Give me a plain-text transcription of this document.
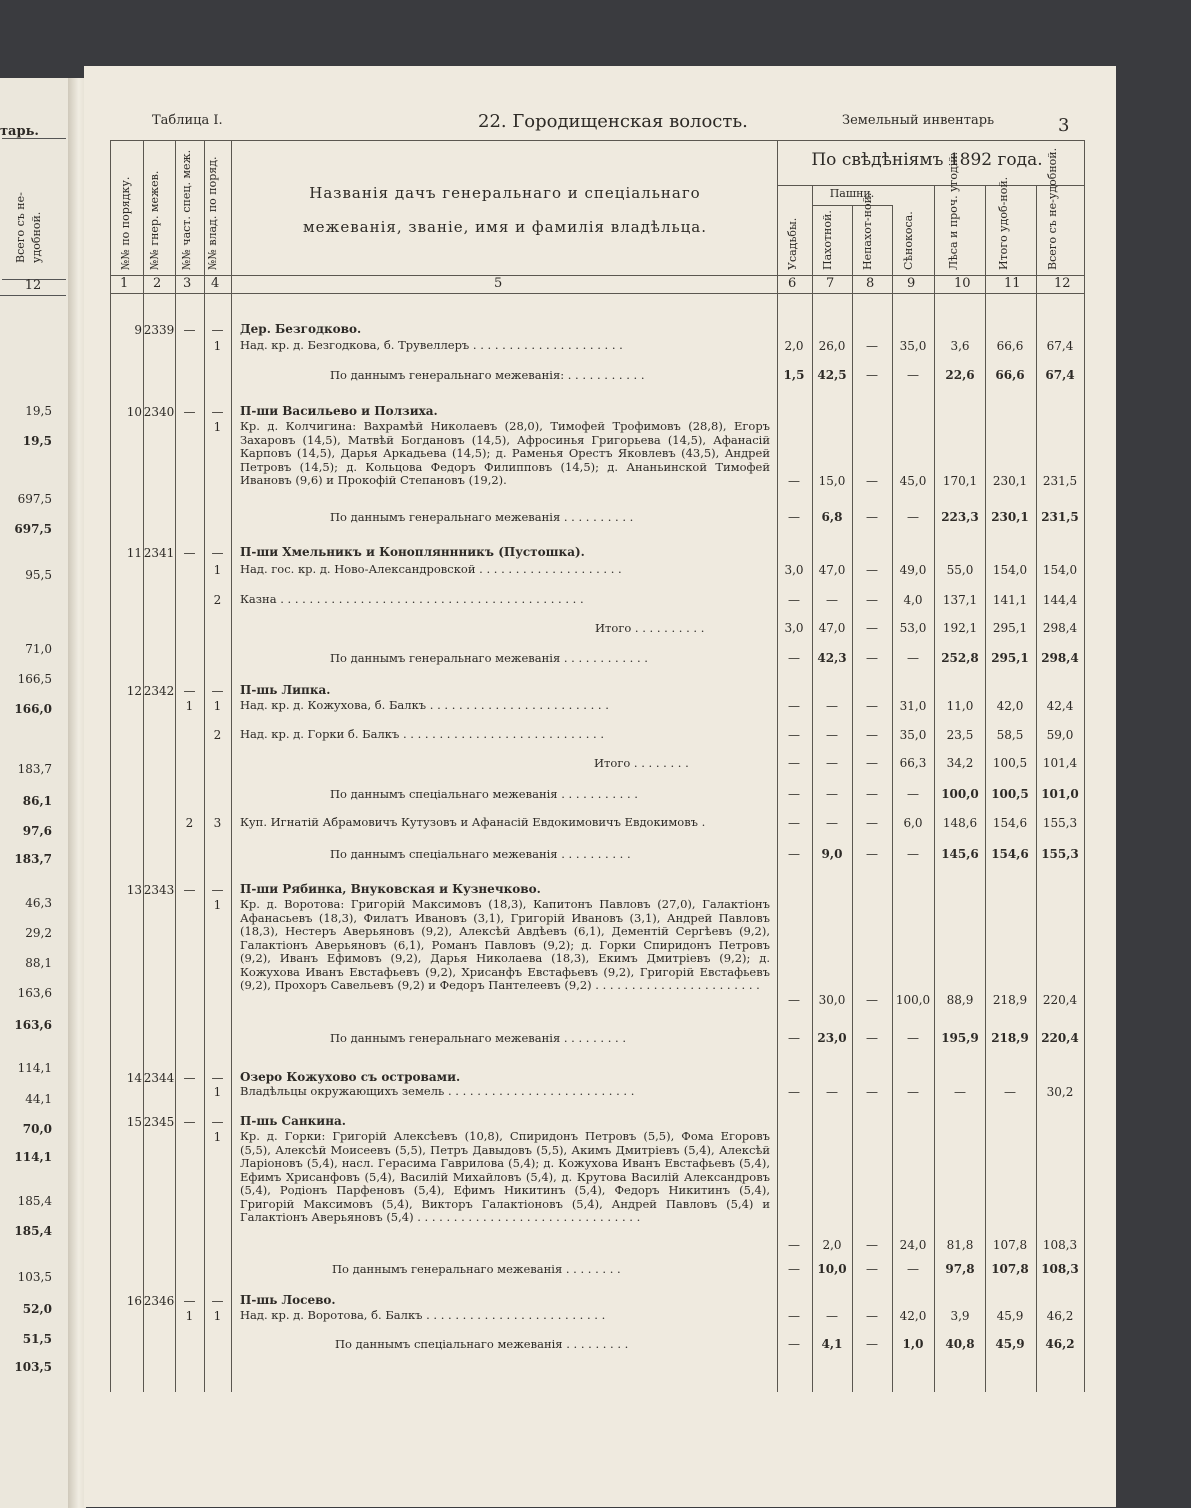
тарь.
Всего съ не- удобной.
12
19,5
19,5
697,5
697,5
95,5
71,0
166,5
166,0
183,7
86,1
97,6
183,7
46,3
29,2
88,1
163,6
163,6
114,1
44,1
70,0
114,1
185,4
185,4
103,5
52,0
51,5
103,5
Таблица I.	22. Городищенская волость.	Земельный инвентарь	3
№№ по порядку. №№ гнер. межев. №№ част. спец. меж. №№ влад. по поряд.	Названія дачъ генеральнаго и спеціальнаго
межеванія, званіе, имя и фамилія владѣльца.
По свѣдѣніямъ 1892 года.
Пашни.
Усадьбы. Пахотной. Непахот-ной.	Сѣнокоса.	Лѣса и проч. угодій.	Итого удоб-ной.	Всего съ не-удобной.
1 2 3 4	5	6 7 8	9	10	11	12
9 2339 —	—	Дер. Безгодково.
Над. кр. д. Безгодкова, б. Трувеллеръ . . . . . . . . . . . . . . . . . . . . .
1	2,0	26,0	—	35,0	3,6	66,6	67,4
По даннымъ генеральнаго межеванія: . . . . . . . . . . .	1,5	42,5	—	—	22,6	66,6	67,4
10 2340 —	—	П-ши Васильево и Ползиха.
Кр. д. Колчигина: Вахрамѣй Николаевъ (28,0), Тимофей Трофимовъ (28,8), Егоръ Захаровъ (14,5), Матвѣй Богдановъ (14,5), Афросинья Григорьева (14,5), Афанасій Карповъ (14,5), Дарья Аркадьева (14,5); д. Раменья Орестъ Яковлевъ (43,5), Андрей Петровъ (14,5); д. Кольцова Федоръ Филипповъ (14,5); д. Ананьинской Тимофей Ивановъ (9,6) и Прокофій Степановъ (19,2).
1
—	15,0	—	45,0	170,1 230,1 231,5
По даннымъ генеральнаго межеванія . . . . . . . . . .	—	6,8	—	—	223,3 230,1 231,5
11 2341 —	—	П-ши Хмельникъ и Конопляннникъ (Пустошка).
Над. гос. кр. д. Ново-Александровской . . . . . . . . . . . . . . . . . . . .
1	3,0	47,0	—	49,0	55,0	154,0 154,0
Казна . . . . . . . . . . . . . . . . . . . . . . . . . . . . . . . . . . . . . . . . . .
2	—	—	—	4,0	137,1 141,1 144,4
Итого . . . . . . . . . .	3,0	47,0	—	53,0	192,1 295,1 298,4
По даннымъ генеральнаго межеванія . . . . . . . . . . . .	—	42,3	—	—	252,8 295,1 298,4
12 2342 —	—	П-шь Липка.
Над. кр. д. Кожухова, б. Балкъ . . . . . . . . . . . . . . . . . . . . . . . . .
1	1	—	—	—	31,0	11,0	42,0	42,4
Над. кр. д. Горки б. Балкъ . . . . . . . . . . . . . . . . . . . . . . . . . . . .
2	—	—	—	35,0	23,5	58,5	59,0
Итого . . . . . . . .	—	—	—	66,3	34,2	100,5 101,4
По даннымъ спеціальнаго межеванія . . . . . . . . . . .	—	—	—	—	100,0 100,5 101,0
Куп. Игнатій Абрамовичъ Кутузовъ и Афанасій Евдокимовичъ Евдокимовъ .
2	3	—	—	—	6,0	148,6 154,6 155,3
По даннымъ спеціальнаго межеванія . . . . . . . . . .	—	9,0	—	—	145,6 154,6 155,3
13 2343 —	—	П-ши Рябинка, Внуковская и Кузнечково.
Кр. д. Воротова: Григорій Максимовъ (18,3), Капитонъ Павловъ (27,0), Галактіонъ Афанасьевъ (18,3), Филатъ Ивановъ (3,1), Григорій Ивановъ (3,1), Андрей Павловъ (18,3), Нестеръ Аверьяновъ (9,2), Алексѣй Авдѣевъ (6,1), Дементій Сергѣевъ (9,2), Галактіонъ Аверьяновъ (6,1), Романъ Павловъ (9,2); д. Горки Спиридонъ Петровъ (9,2), Иванъ Ефимовъ (9,2), Дарья Николаева (18,3), Екимъ Дмитріевъ (9,2); д. Кожухова Иванъ Евстафьевъ (9,2), Хрисанфъ Евстафьевъ (9,2), Григорій Евстафьевъ (9,2), Прохоръ Савельевъ (9,2) и Федоръ Пантелеевъ (9,2) . . . . . . . . . . . . . . . . . . . . . . .
1
—	30,0	—	100,0	88,9	218,9 220,4
По даннымъ генеральнаго межеванія . . . . . . . . .	—	23,0	—	—	195,9 218,9 220,4
14 2344 —	—	Озеро Кожухово съ островами.
Владѣльцы окружающихъ земель . . . . . . . . . . . . . . . . . . . . . . . . . .
1	—	—	—	—	—	—	30,2
15 2345 —	—	П-шь Санкина.
Кр. д. Горки: Григорій Алексѣевъ (10,8), Спиридонъ Петровъ (5,5), Фома Егоровъ (5,5), Алексѣй Моисеевъ (5,5), Петръ Давыдовъ (5,5), Акимъ Дмитріевъ (5,4), Алексѣй Ларіоновъ (5,4), насл. Герасима Гаврилова (5,4); д. Кожухова Иванъ Евстафьевъ (5,4), Ефимъ Хрисанфовъ (5,4), Василій Михайловъ (5,4), д. Крутова Василій Александровъ (5,4), Родіонъ Парфеновъ (5,4), Ефимъ Никитинъ (5,4), Федоръ Никитинъ (5,4), Григорій Максимовъ (5,4), Викторъ Галактіоновъ (5,4), Андрей Павловъ (5,4) и Галактіонъ Аверьяновъ (5,4) . . . . . . . . . . . . . . . . . . . . . . . . . . . . . . .
1
—	2,0	—	24,0	81,8	107,8 108,3
По даннымъ генеральнаго межеванія . . . . . . . .	—	10,0	—	—	97,8	107,8 108,3
16 2346 —	—	П-шь Лосево.
Над. кр. д. Воротова, б. Балкъ . . . . . . . . . . . . . . . . . . . . . . . . .
1	1	—	—	—	42,0	3,9	45,9	46,2
По даннымъ спеціальнаго межеванія . . . . . . . . .	—	4,1	—	1,0	40,8	45,9	46,2
